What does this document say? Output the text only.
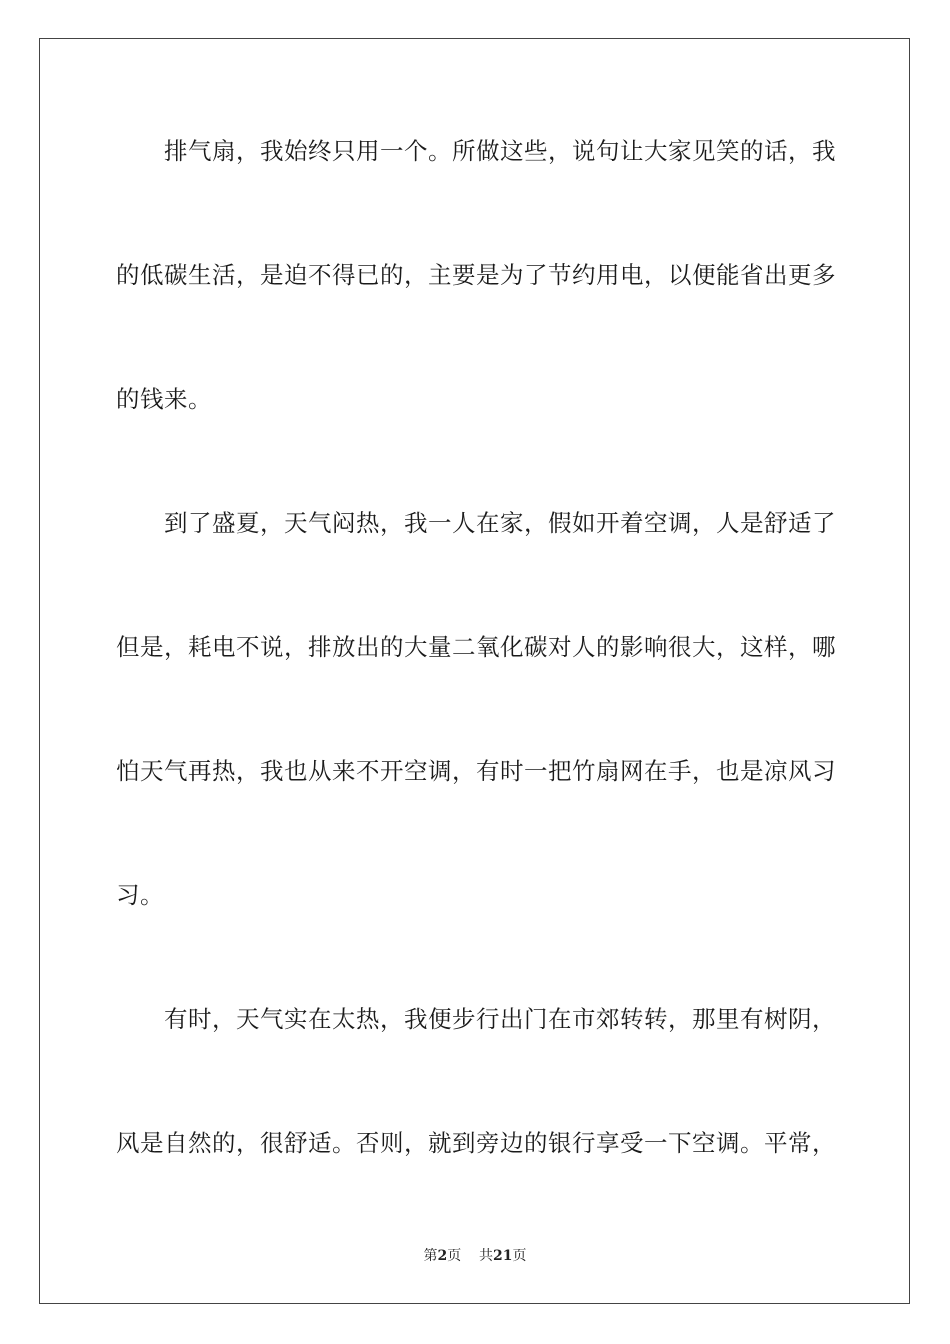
排气扇，我始终只用一个。所做这些，说句让大家见笑的话，我
的低碳生活，是迫不得已的，主要是为了节约用电，以便能省出更多
的钱来。
到了盛夏，天气闷热，我一人在家，假如开着空调，人是舒适了
但是，耗电不说，排放出的大量二氧化碳对人的影响很大，这样，哪
怕天气再热，我也从来不开空调，有时一把竹扇网在手，也是凉风习
习。
有时，天气实在太热，我便步行出门在市郊转转，那里有树阴，
风是自然的，很舒适。否则，就到旁边的银行享受一下空调。平常，
第2页 共21页
